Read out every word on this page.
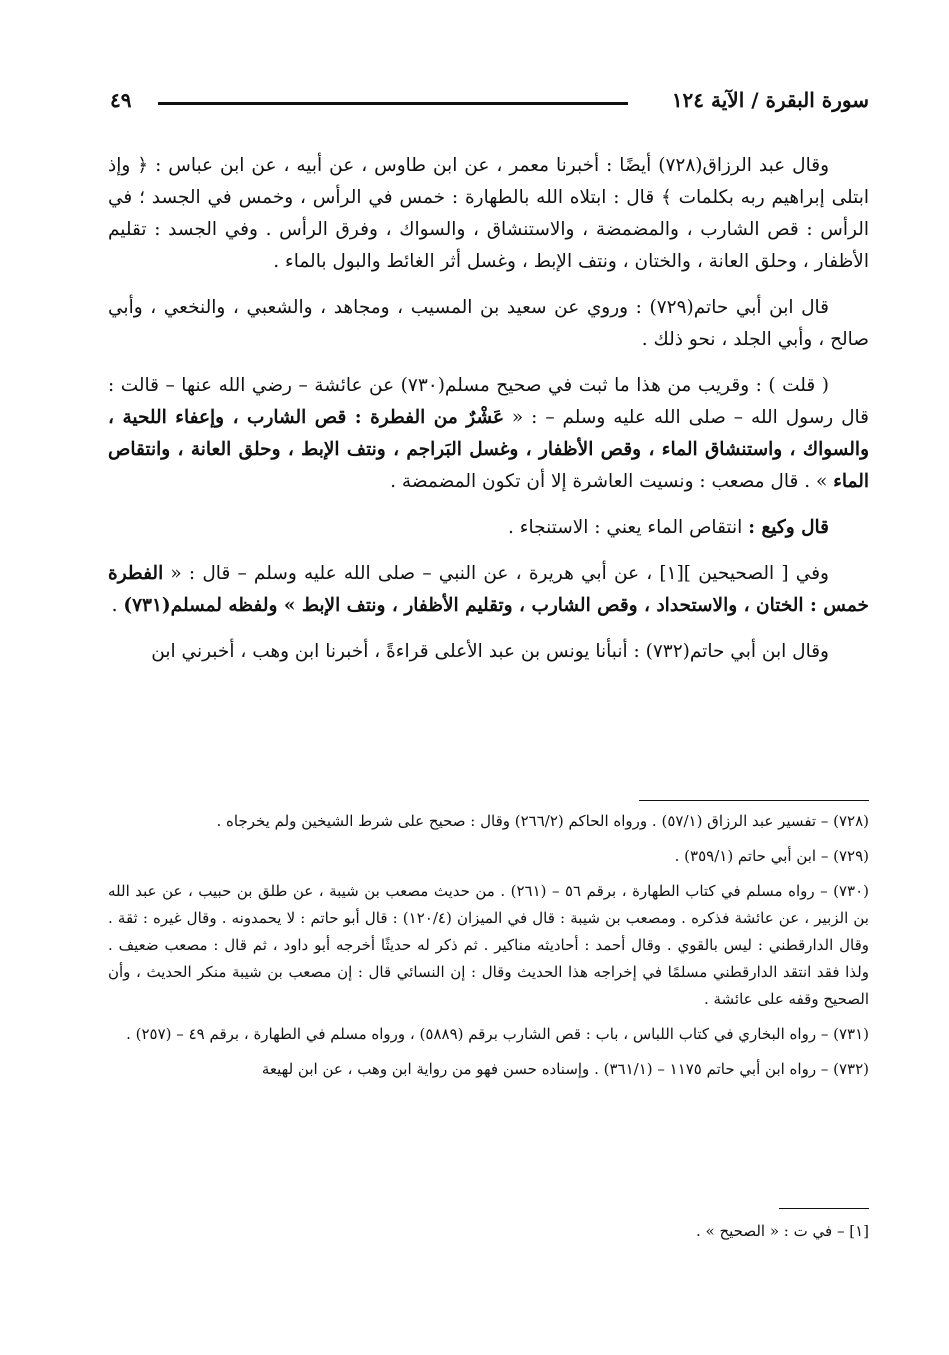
سورة البقرة / الآية ١٢٤
٤٩

وقال عبد الرزاق(٧٢٨) أيضًا : أخبرنا معمر ، عن ابن طاوس ، عن أبيه ، عن ابن عباس : ﴿ وإذ ابتلى إبراهيم ربه بكلمات ﴾ قال : ابتلاه الله بالطهارة : خمس في الرأس ، وخمس في الجسد ؛ في الرأس : قص الشارب ، والمضمضة ، والاستنشاق ، والسواك ، وفرق الرأس . وفي الجسد : تقليم الأظفار ، وحلق العانة ، والختان ، ونتف الإبط ، وغسل أثر الغائط والبول بالماء .

قال ابن أبي حاتم(٧٢٩) : وروي عن سعيد بن المسيب ، ومجاهد ، والشعبي ، والنخعي ، وأبي صالح ، وأبي الجلد ، نحو ذلك .

( قلت ) : وقريب من هذا ما ثبت في صحيح مسلم(٧٣٠) عن عائشة – رضي الله عنها – قالت : قال رسول الله – صلى الله عليه وسلم – : « عَشْرٌ من الفطرة : قص الشارب ، وإعفاء اللحية ، والسواك ، واستنشاق الماء ، وقص الأظفار ، وغسل البَراجم ، ونتف الإبط ، وحلق العانة ، وانتقاص الماء » . قال مصعب : ونسيت العاشرة إلا أن تكون المضمضة .

قال وكيع : انتقاص الماء يعني : الاستنجاء .

وفي [ الصحيحين ][١] ، عن أبي هريرة ، عن النبي – صلى الله عليه وسلم – قال : « الفطرة خمس : الختان ، والاستحداد ، وقص الشارب ، وتقليم الأظفار ، ونتف الإبط » ولفظه لمسلم(٧٣١) .

وقال ابن أبي حاتم(٧٣٢) : أنبأنا يونس بن عبد الأعلى قراءةً ، أخبرنا ابن وهب ، أخبرني ابن

(٧٢٨) – تفسير عبد الرزاق (٥٧/١) . ورواه الحاكم (٢٦٦/٢) وقال : صحيح على شرط الشيخين ولم يخرجاه .

(٧٢٩) – ابن أبي حاتم (٣٥٩/١) .

(٧٣٠) – رواه مسلم في كتاب الطهارة ، برقم ٥٦ – (٢٦١) . من حديث مصعب بن شيبة ، عن طلق بن حبيب ، عن عبد الله بن الزبير ، عن عائشة فذكره . ومصعب بن شيبة : قال في الميزان (١٢٠/٤) : قال أبو حاتم : لا يحمدونه . وقال غيره : ثقة . وقال الدارقطني : ليس بالقوي . وقال أحمد : أحاديثه مناكير . ثم ذكر له حديثًا أخرجه أبو داود ، ثم قال : مصعب ضعيف . ولذا فقد انتقد الدارقطني مسلمًا في إخراجه هذا الحديث وقال : إن النسائي قال : إن مصعب بن شيبة منكر الحديث ، وأن الصحيح وقفه على عائشة .

(٧٣١) – رواه البخاري في كتاب اللباس ، باب : قص الشارب برقم (٥٨٨٩) ، ورواه مسلم في الطهارة ، برقم ٤٩ – (٢٥٧) .

(٧٣٢) – رواه ابن أبي حاتم ١١٧٥ – (٣٦١/١) . وإسناده حسن فهو من رواية ابن وهب ، عن ابن لهيعة

[١] – في ت : « الصحيح » .
